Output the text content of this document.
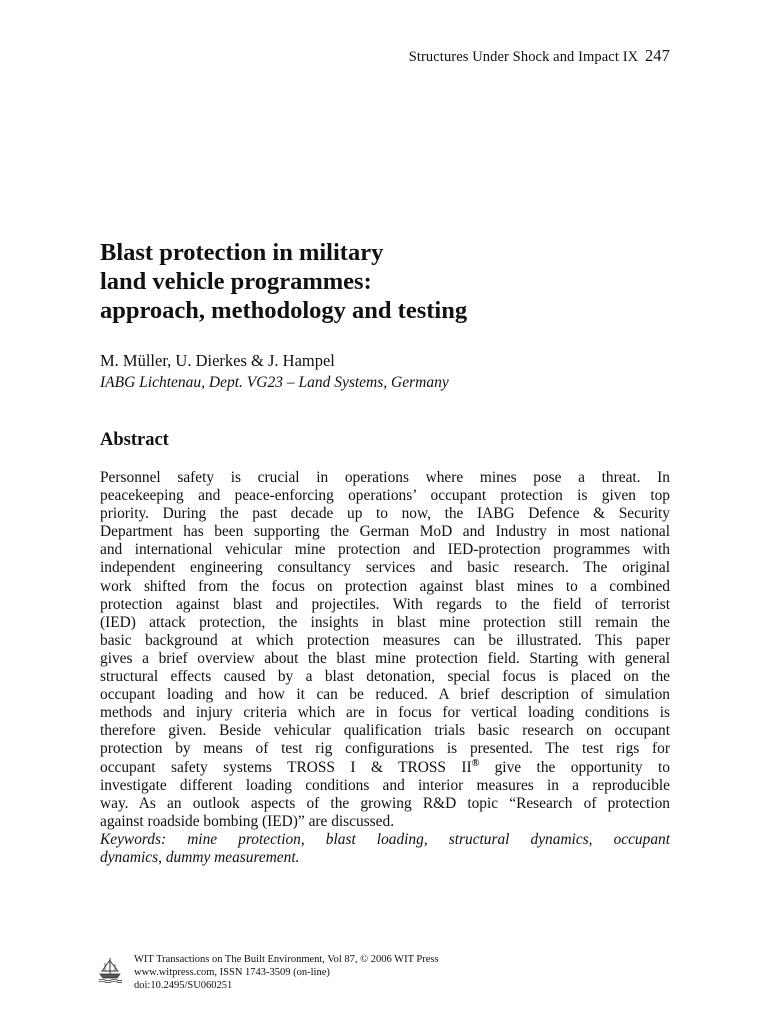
Structures Under Shock and Impact IX 247
Blast protection in military
land vehicle programmes:
approach, methodology and testing
M. Müller, U. Dierkes & J. Hampel
IABG Lichtenau, Dept. VG23 – Land Systems, Germany
Abstract
Personnel safety is crucial in operations where mines pose a threat. In
peacekeeping and peace-enforcing operations’ occupant protection is given top
priority. During the past decade up to now, the IABG Defence & Security
Department has been supporting the German MoD and Industry in most national
and international vehicular mine protection and IED-protection programmes with
independent engineering consultancy services and basic research. The original
work shifted from the focus on protection against blast mines to a combined
protection against blast and projectiles. With regards to the field of terrorist
(IED) attack protection, the insights in blast mine protection still remain the
basic background at which protection measures can be illustrated. This paper
gives a brief overview about the blast mine protection field. Starting with general
structural effects caused by a blast detonation, special focus is placed on the
occupant loading and how it can be reduced. A brief description of simulation
methods and injury criteria which are in focus for vertical loading conditions is
therefore given. Beside vehicular qualification trials basic research on occupant
protection by means of test rig configurations is presented. The test rigs for
occupant safety systems TROSS I & TROSS II® give the opportunity to
investigate different loading conditions and interior measures in a reproducible
way. As an outlook aspects of the growing R&D topic “Research of protection
against roadside bombing (IED)” are discussed.
Keywords: mine protection, blast loading, structural dynamics, occupant
dynamics, dummy measurement.
WIT Transactions on The Built Environment, Vol 87, © 2006 WIT Press
www.witpress.com, ISSN 1743-3509 (on-line)
doi:10.2495/SU060251
